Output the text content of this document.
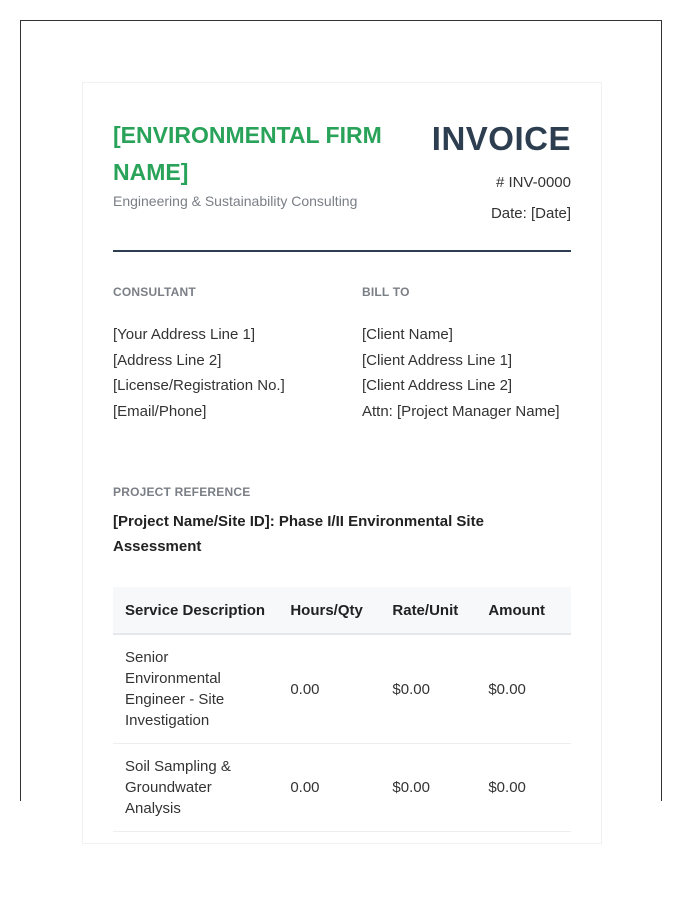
[ENVIRONMENTAL FIRM NAME]
Engineering & Sustainability Consulting
INVOICE
# INV-0000
Date: [Date]
CONSULTANT
[Your Address Line 1]
[Address Line 2]
[License/Registration No.]
[Email/Phone]
BILL TO
[Client Name]
[Client Address Line 1]
[Client Address Line 2]
Attn: [Project Manager Name]
PROJECT REFERENCE
[Project Name/Site ID]: Phase I/II Environmental Site Assessment
Service Description	Hours/Qty	Rate/Unit	Amount
Senior Environmental Engineer - Site Investigation	0.00	$0.00	$0.00
Soil Sampling & Groundwater Analysis	0.00	$0.00	$0.00
